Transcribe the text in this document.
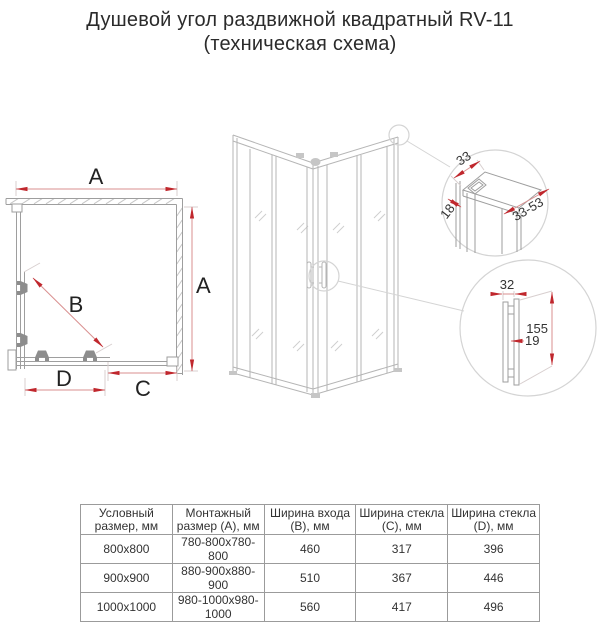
Душевой угол раздвижной квадратный RV-11
(техническая схема)
A
A
B
D	C
33
18	33-53
32
155
19
Условный размер, мм	Монтажный размер (А), мм	Ширина входа (В), мм	Ширина стекла (С), мм	Ширина стекла (D), мм
800x800	780-800x780-800	460	317	396
900x900	880-900x880-900	510	367	446
1000x1000	980-1000x980-1000	560	417	496
